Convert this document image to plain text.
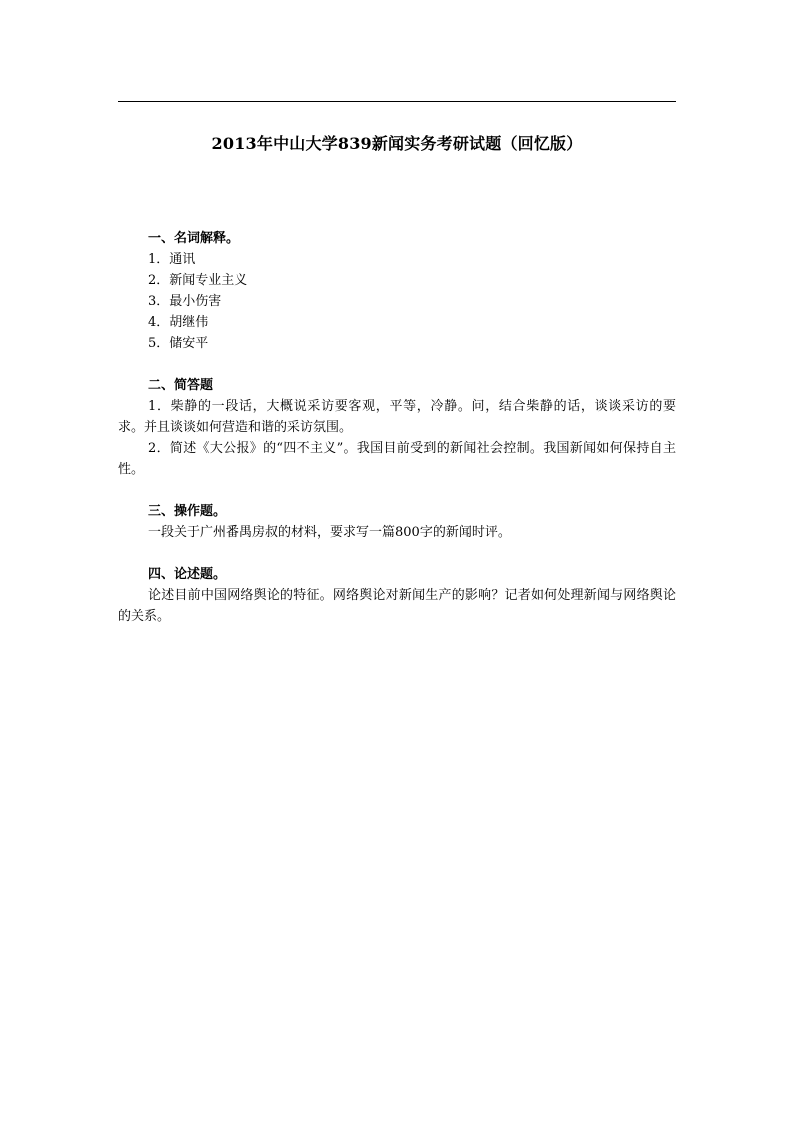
2013年中山大学839新闻实务考研试题（回忆版）
一、名词解释。
1．通讯
2．新闻专业主义
3．最小伤害
4．胡继伟
5．储安平
二、简答题
1．柴静的一段话，大概说采访要客观，平等，冷静。问，结合柴静的话，谈谈采访的要求。并且谈谈如何营造和谐的采访氛围。
2．简述《大公报》的“四不主义”。我国目前受到的新闻社会控制。我国新闻如何保持自主性。
三、操作题。
一段关于广州番禺房叔的材料，要求写一篇800字的新闻时评。
四、论述题。
论述目前中国网络舆论的特征。网络舆论对新闻生产的影响？记者如何处理新闻与网络舆论的关系。
